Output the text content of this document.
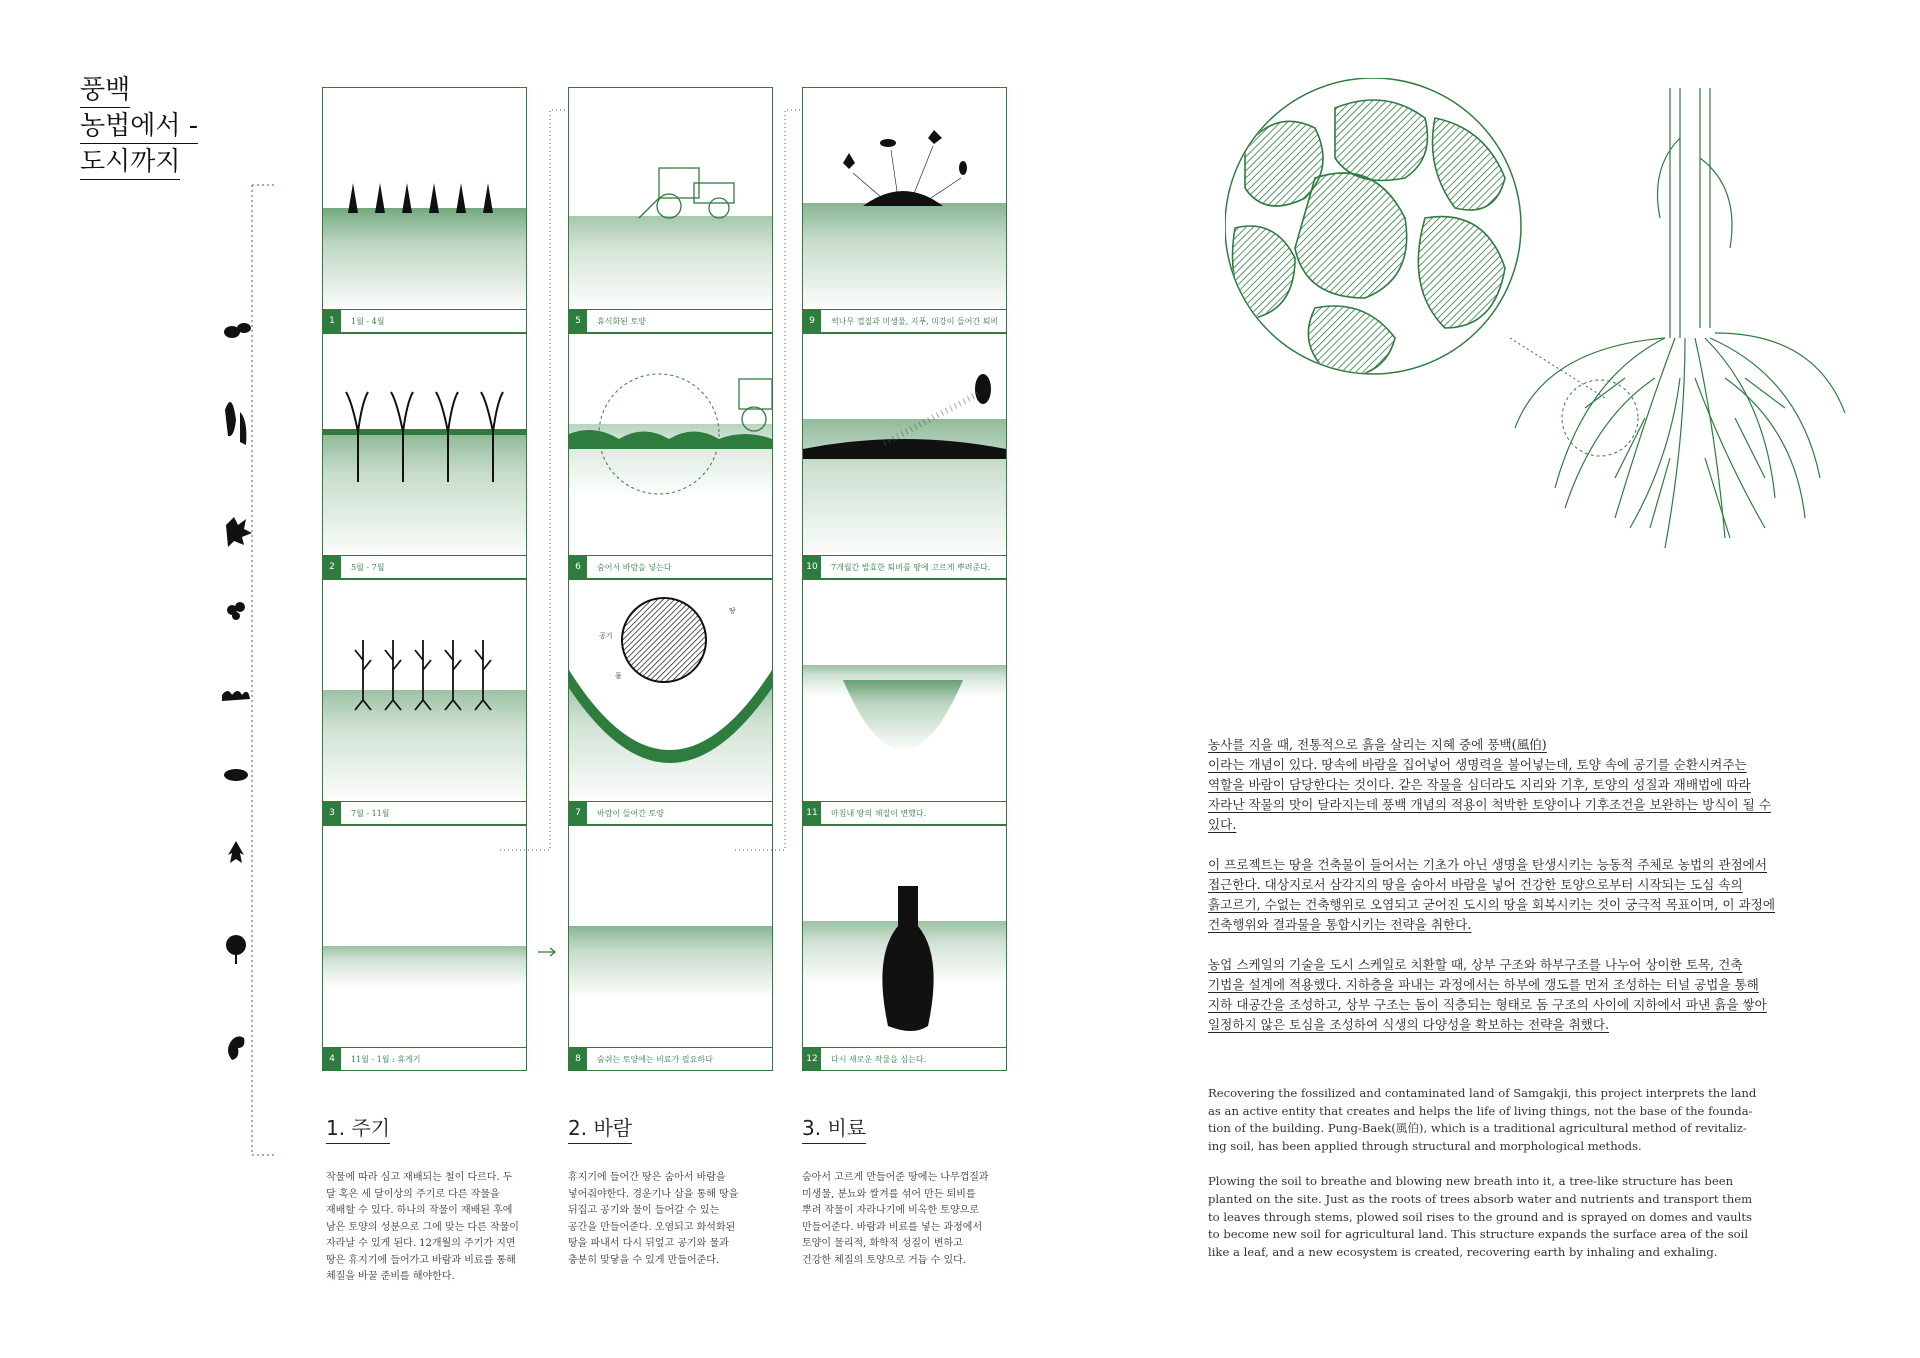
풍백
농법에서 -
도시까지
1	1월 - 4월
2	5월 - 7월
3	7월 - 11월
4	11월 - 1월 : 휴게기
5	휴식화된 토양
6	숨어서 바람을 넣는다
땅
공기
물
7	바람이 들어간 토양
8	숨쉬는 토양에는 비료가 필요하다
9	썩나무 껍질과 미생물, 지푸, 미강이 들어간 퇴비
10	7개월간 발효한 퇴비를 땅에 고르게 뿌려준다.
11	마침내 땅의 체질이 변했다.
12	다시 새로운 작물을 심는다.
1. 주기	2. 바람	3. 비료
작물에 따라 심고 재배되는 철이 다르다. 두
달 혹은 세 달이상의 주기로 다른 작물을
재배할 수 있다. 하나의 작물이 재배된 후에
남은 토양의 성분으로 그에 맞는 다른 작물이
자라날 수 있게 된다. 12개월의 주기가 지면
땅은 휴지기에 들어가고 바람과 비료를 통해
체질을 바꿀 준비를 해야한다.
휴지기에 들어간 땅은 숨아서 바람을
넣어줘야한다. 경운기나 삽을 통해 땅을
뒤집고 공기와 물이 들어갈 수 있는
공간을 만들어준다. 오염되고 화석화된
땅을 파내서 다시 뒤엎고 공기와 물과
충분히 맞닿을 수 있게 만들어준다.
숨아서 고르게 만들어준 땅에는 나무껍질과
미생물, 분뇨와 쌀겨를 섞어 만든 퇴비를
뿌려 작물이 자라나기에 비옥한 토양으로
만들어준다. 바람과 비료를 넣는 과정에서
토양이 물리적, 화학적 성질이 변하고
건강한 체질의 토양으로 거듭 수 있다.

농사를 지을 때, 전통적으로 흙을 살리는 지혜 중에 풍백(風伯)
이라는 개념이 있다. 땅속에 바람을 집어넣어 생명력을 불어넣는데, 토양 속에 공기를 순환시켜주는
역할을 바람이 담당한다는 것이다. 같은 작물을 심더라도 지리와 기후, 토양의 성질과 재배법에 따라
자라난 작물의 맛이 달라지는데 풍백 개념의 적용이 척박한 토양이나 기후조건을 보완하는 방식이 될 수
있다.

이 프로젝트는 땅을 건축물이 들어서는 기초가 아닌 생명을 탄생시키는 능동적 주체로 농법의 관점에서
접근한다. 대상지로서 삼각지의 땅을 숨아서 바람을 넣어 건강한 토양으로부터 시작되는 도심 속의
흙고르기, 수없는 건축행위로 오염되고 굳어진 도시의 땅을 회복시키는 것이 궁극적 목표이며, 이 과정에
건축행위와 결과물을 통합시키는 전략을 취한다.

농업 스케일의 기술을 도시 스케일로 치환할 때, 상부 구조와 하부구조를 나누어 상이한 토목, 건축
기법을 설계에 적용했다. 지하층을 파내는 과정에서는 하부에 갱도를 먼저 조성하는 터널 공법을 통해
지하 대공간을 조성하고, 상부 구조는 돔이 직층되는 형태로 돔 구조의 사이에 지하에서 파낸 흙을 쌓아
일정하지 않은 토심을 조성하여 식생의 다양성을 확보하는 전략을 취했다.

Recovering the fossilized and contaminated land of Samgakji, this project interprets the land
as an active entity that creates and helps the life of living things, not the base of the founda-
tion of the building. Pung-Baek(風伯), which is a traditional agricultural method of revitaliz-
ing soil, has been applied through structural and morphological methods.

Plowing the soil to breathe and blowing new breath into it, a tree-like structure has been
planted on the site. Just as the roots of trees absorb water and nutrients and transport them
to leaves through stems, plowed soil rises to the ground and is sprayed on domes and vaults
to become new soil for agricultural land. This structure expands the surface area of the soil
like a leaf, and a new ecosystem is created, recovering earth by inhaling and exhaling.
